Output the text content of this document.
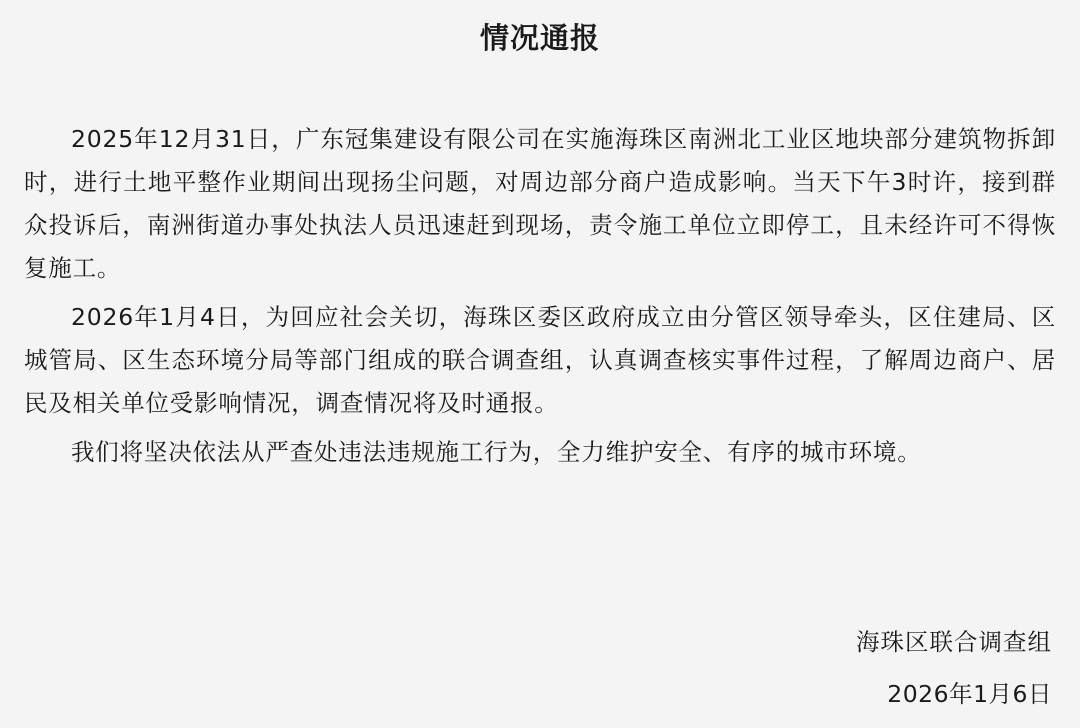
情况通报

2025年12月31日，广东冠集建设有限公司在实施海珠区南洲北工业区地块部分建筑物拆卸时，进行土地平整作业期间出现扬尘问题，对周边部分商户造成影响。当天下午3时许，接到群众投诉后，南洲街道办事处执法人员迅速赶到现场，责令施工单位立即停工，且未经许可不得恢复施工。

2026年1月4日，为回应社会关切，海珠区委区政府成立由分管区领导牵头，区住建局、区城管局、区生态环境分局等部门组成的联合调查组，认真调查核实事件过程，了解周边商户、居民及相关单位受影响情况，调查情况将及时通报。

我们将坚决依法从严查处违法违规施工行为，全力维护安全、有序的城市环境。

海珠区联合调查组
2026年1月6日
